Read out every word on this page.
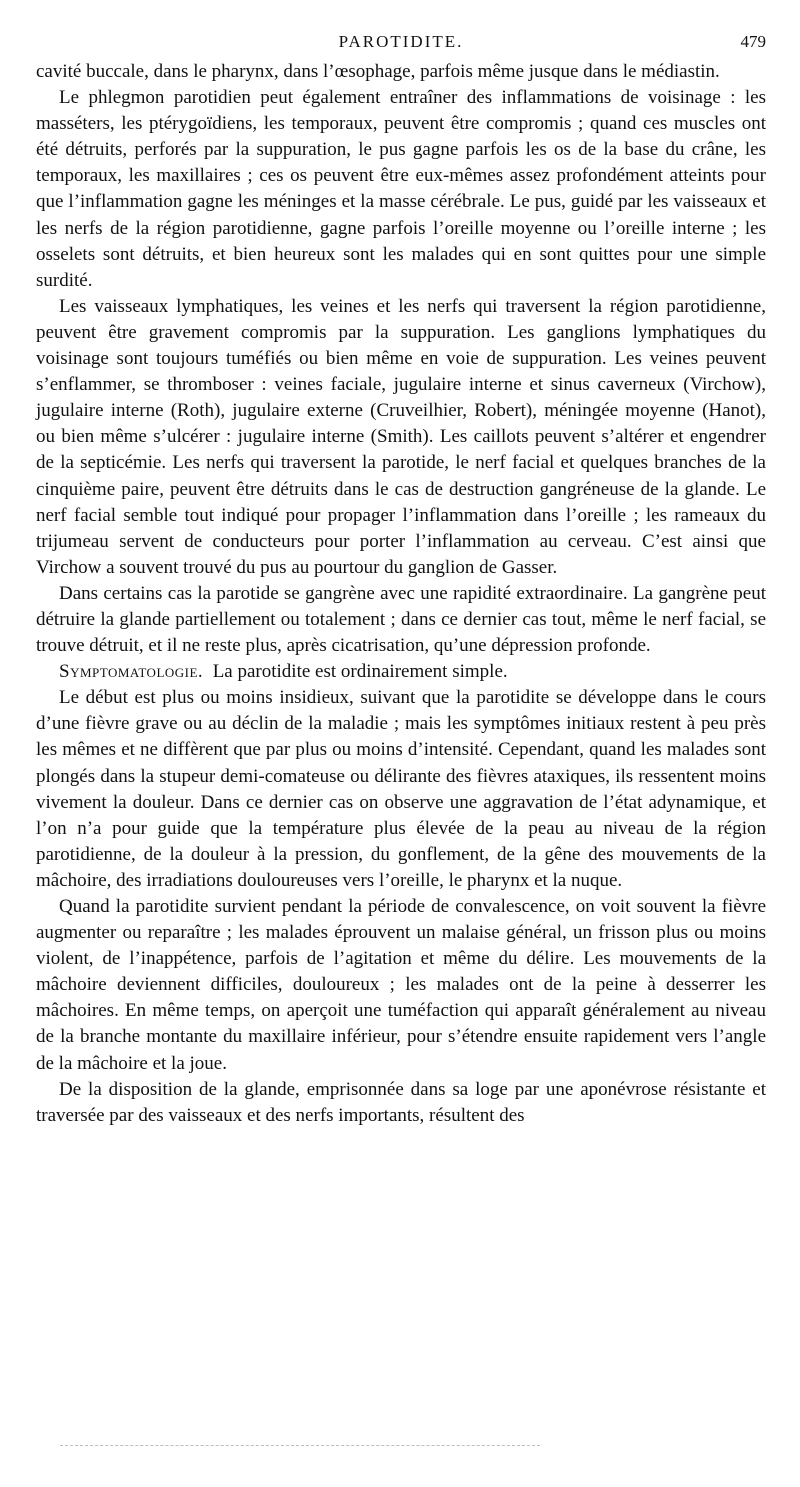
PAROTIDITE.	479

cavité buccale, dans le pharynx, dans l’œsophage, parfois même jusque dans le médiastin.

Le phlegmon parotidien peut également entraîner des inflammations de voisinage : les masséters, les ptérygoïdiens, les temporaux, peuvent être compromis ; quand ces muscles ont été détruits, perforés par la suppuration, le pus gagne parfois les os de la base du crâne, les temporaux, les maxillaires ; ces os peuvent être eux-mêmes assez profondément atteints pour que l’inflammation gagne les méninges et la masse cérébrale. Le pus, guidé par les vaisseaux et les nerfs de la région parotidienne, gagne parfois l’oreille moyenne ou l’oreille interne ; les osselets sont détruits, et bien heureux sont les malades qui en sont quittes pour une simple surdité.

Les vaisseaux lymphatiques, les veines et les nerfs qui traversent la région parotidienne, peuvent être gravement compromis par la suppuration. Les ganglions lymphatiques du voisinage sont toujours tuméfiés ou bien même en voie de suppuration. Les veines peuvent s’enflammer, se thromboser : veines faciale, jugulaire interne et sinus caverneux (Virchow), jugulaire interne (Roth), jugulaire externe (Cruveilhier, Robert), méningée moyenne (Hanot), ou bien même s’ulcérer : jugulaire interne (Smith). Les caillots peuvent s’altérer et engendrer de la septicémie. Les nerfs qui traversent la parotide, le nerf facial et quelques branches de la cinquième paire, peuvent être détruits dans le cas de destruction gangréneuse de la glande. Le nerf facial semble tout indiqué pour propager l’inflammation dans l’oreille ; les rameaux du trijumeau servent de conducteurs pour porter l’inflammation au cerveau. C’est ainsi que Virchow a souvent trouvé du pus au pourtour du ganglion de Gasser.

Dans certains cas la parotide se gangrène avec une rapidité extraordinaire. La gangrène peut détruire la glande partiellement ou totalement ; dans ce dernier cas tout, même le nerf facial, se trouve détruit, et il ne reste plus, après cicatrisation, qu’une dépression profonde.

Symptomatologie. La parotidite est ordinairement simple.

Le début est plus ou moins insidieux, suivant que la parotidite se développe dans le cours d’une fièvre grave ou au déclin de la maladie ; mais les symptômes initiaux restent à peu près les mêmes et ne diffèrent que par plus ou moins d’intensité. Cependant, quand les malades sont plongés dans la stupeur demi-comateuse ou délirante des fièvres ataxiques, ils ressentent moins vivement la douleur. Dans ce dernier cas on observe une aggravation de l’état adynamique, et l’on n’a pour guide que la température plus élevée de la peau au niveau de la région parotidienne, de la douleur à la pression, du gonflement, de la gêne des mouvements de la mâchoire, des irradiations douloureuses vers l’oreille, le pharynx et la nuque.

Quand la parotidite survient pendant la période de convalescence, on voit souvent la fièvre augmenter ou reparaître ; les malades éprouvent un malaise général, un frisson plus ou moins violent, de l’inappétence, parfois de l’agitation et même du délire. Les mouvements de la mâchoire deviennent difficiles, douloureux ; les malades ont de la peine à desserrer les mâchoires. En même temps, on aperçoit une tuméfaction qui apparaît généralement au niveau de la branche montante du maxillaire inférieur, pour s’étendre ensuite rapidement vers l’angle de la mâchoire et la joue.

De la disposition de la glande, emprisonnée dans sa loge par une aponévrose résistante et traversée par des vaisseaux et des nerfs importants, résultent des
